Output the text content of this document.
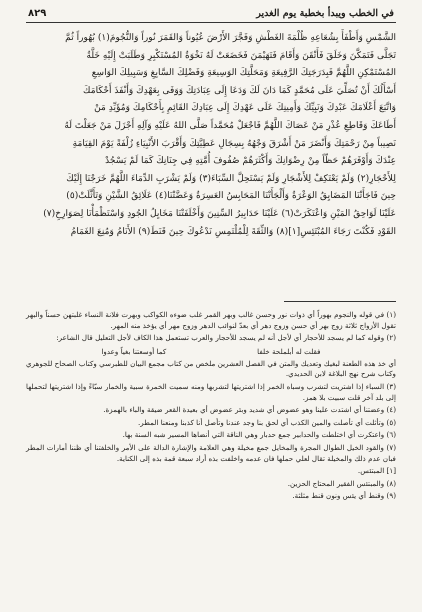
في الخطب ويبدأ بخطبة يوم الغدير
٨٢٩

الشَّمْسِ وَأَطْفَأَ بِشُعَاعِهِ ظُلْمَةَ الغَطْشِ وَفَجَّرَ الأَرْضَ عُيُوناً وَالقَمَرَ نُوراً وَالنُّجُومَ(١) بُهُوراً ثُمَّ

تَجَلَّى فَتَمَكَّنَ وَخَلَقَ فَأَتْقَنَ وَأَقَامَ فَتَهَيْمَنَ فَخَضَعَتْ لَهُ نَخْوَةُ المُسْتَكْبِرِ وَطَلَبَتْ إِلَيْهِ خَلَّةُ

المُسْتَمْكِنِ اللَّهُمَّ فَبِدَرَجَتِكَ الرَّفِيعَةِ وَمَحَلَّتِكَ الوَسِيعَةِ وَفَضْلِكَ السَّابِغِ وَسَبِيلِكَ الوَاسِعِ

أَسْأَلُكَ أَنْ تُصَلِّيَ عَلَى مُحَمَّدٍ كَمَا دَانَ لَكَ وَدَعَا إِلَى عِبَادَتِكَ وَوَفَى بِعَهْدِكَ وَأَنْفَذَ أَحْكَامَكَ

وَاتَّبَعَ أَعْلَامَكَ عَبْدِكَ وَنَبِيِّكَ وَأَمِينِكَ عَلَى عَهْدِكَ إِلَى عِبَادِكَ القَائِمِ بِأَحْكَامِكَ وَمُؤَيِّدِ مَنْ

أَطَاعَكَ وَقَاطِعِ عُذْرِ مَنْ عَصَاكَ اللَّهُمَّ فَاجْعَلْ مُحَمَّداً صَلَّى اللهُ عَلَيْهِ وَآلِهِ أَجْزَلَ مَنْ جَعَلْتَ لَهُ

نَصِيباً مِنْ رَحْمَتِكَ وَأَنْضَرَ مَنْ أَشْرَقَ وَجْهُهُ بِسِجَالِ عَطِيَّتِكَ وَأَقْرَبَ الأَنْبِيَاءِ زُلْفَةً يَوْمَ القِيَامَةِ

عِنْدَكَ وَأَوْفَرَهُمْ حَظّاً مِنْ رِضْوَانِكَ وَأَكْثَرَهُمْ صُفُوفَ أُمَّتِهِ فِي جِنَانِكَ كَمَا لَمْ يَسْجُدْ

لِلأَحْجَارِ(٢) وَلَمْ يَعْتَكِفْ لِلأَشْجَارِ وَلَمْ يَسْتَحِلَّ السِّبَاءَ(٣) وَلَمْ يَشْرَبِ الدِّمَاءَ اللَّهُمَّ خَرَجْنَا إِلَيْكَ

حِينَ فَاجَأَتْنَا المَضَايِقُ الوَعْرَةُ وَأَلْجَأَتْنَا المَحَابِسُ العَسِرَةُ وَعَضَّتْنَا(٤) عَلَائِقُ الشَّيْنِ وَتَأَثَّلَتْ(٥)

عَلَيْنَا لَوَاحِقُ المَيْنِ وَاعْتَكَرَتْ(٦) عَلَيْنَا حَدَابِيرُ السِّنِينَ وَأَخْلَفَتْنَا مَخَايِلُ الجُودِ وَاسْتَظْمَأْنَا لِصَوَارِخِ(٧)

القَوْدِ فَكُنْتَ رَجَاءَ المُبْتَئِسِ[١](٨) وَالثِّقَةَ لِلْمُلْتَمِسِ نَدْعُوكَ حِينَ قَنَطَ(٩) الأَنَامُ وَمُنِعَ الغَمَامُ

(١) في قوله والنجوم بهوراً أي ذوات نور وحسن غالب وبهر القمر غلب ضوءه الكواكب وبهرت فلانة النساء غلبتهن حسناً والبهر تقول الأزواج ثلاثة زوج بهر أي حسن وزوج دهر أي بعدّ لنوائب الدهر وزوج مهر أي يؤخذ منه المهر.

(٢) وقوله كما لم يسجد للأحجار أي لأجل أنه لم يسجد للأحجار والعرب تستعمل هذا الكاف لأجل التعليل قال الشاعر:

فقلت له أبلملحة خلفا
كما أوسعتنا بغياً وعدوا

أي خذ هذه الطعنة لبغيك وتعديك والمتن في الفصل العشرين ملخص من كتاب مجمع البيان للطبرسي وكتاب الصحاح للجوهري وكتاب شرح نهج البلاغة لابن الحديدي.

(٣) السباء إذا اشتريت لتشرب وسباه الخمر إذا اشتريتها لتشربها ومنه سميت الخمرة سبية والخمار سبّاءً وإذا اشتريتها لتحملها إلى بلد آخر قلت سبيت بلا همز.

(٤) وعضتنا أي اشتدت علينا وهو عضوض أي شديد وبئر عضوض أي بعيدة القعر ضيقة والباء بالهمزة.

(٥) وتأثلت أي تأصلت والمين الكذب أي لحق بنا وجد عندنا وتأصل أنا كذبنا ومنعنا المطر.

(٦) واعتكرت أي اختلطت والحدابير جمع حدبار وهي الناقة التي أنضاها المسير شبه السنة بها.

(٧) والقود الخيل الطوال المجرة والمخايل جمع مخيلة وهي العلامة والإشارة الدالة على الأمر والخلفتنا أي ظننا أمارات المطر فبان عدم ذلك والمخيلة تقال لعلي حملها فان عدمه واخلفت بذه أراد سبعة قمة بذه إلى الكناية.

[١] المبتئس.

(٨) والمبتئس الفقير المحتاج الحزين.

(٩) وقنط أي يئس ونون قنط مثلثة.
